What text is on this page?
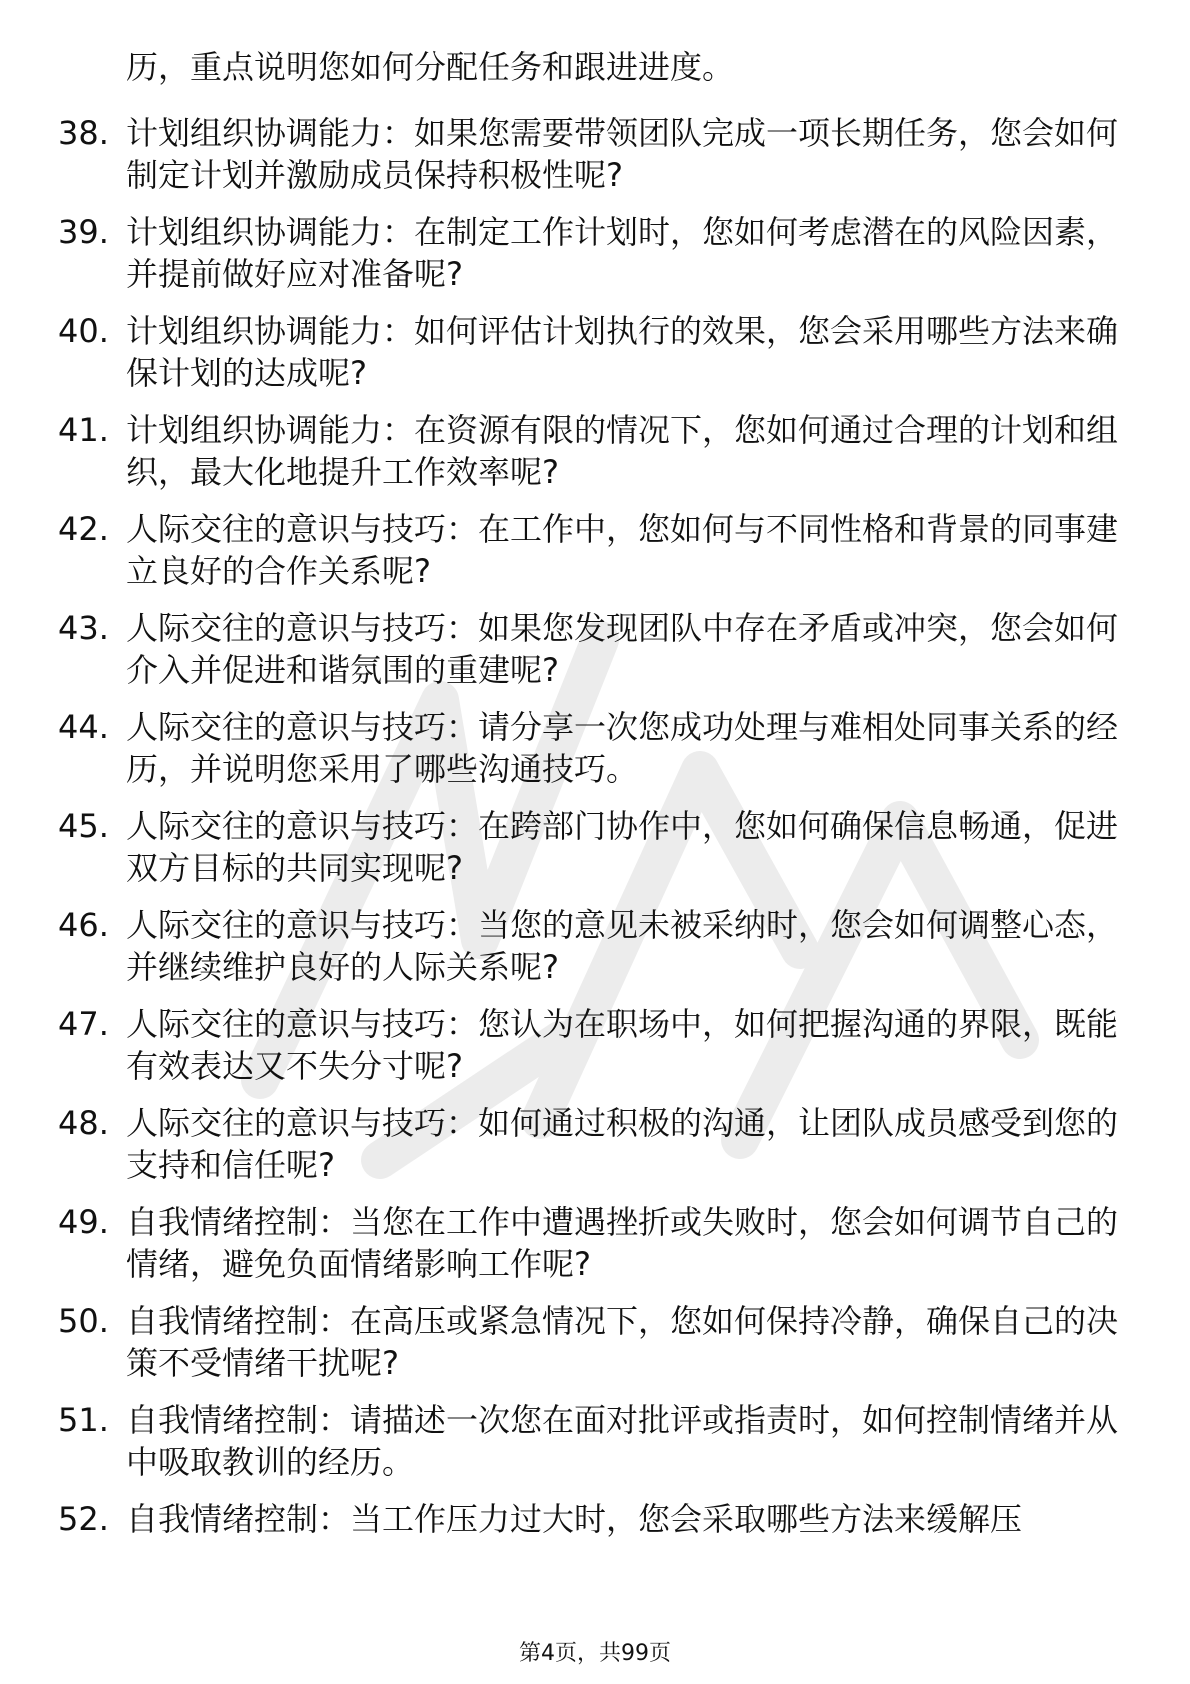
历，重点说明您如何分配任务和跟进进度。
38. 计划组织协调能力：如果您需要带领团队完成一项长期任务，您会如何制定计划并激励成员保持积极性呢?
39. 计划组织协调能力：在制定工作计划时，您如何考虑潜在的风险因素，并提前做好应对准备呢?
40. 计划组织协调能力：如何评估计划执行的效果，您会采用哪些方法来确保计划的达成呢?
41. 计划组织协调能力：在资源有限的情况下，您如何通过合理的计划和组织，最大化地提升工作效率呢?
42. 人际交往的意识与技巧：在工作中，您如何与不同性格和背景的同事建立良好的合作关系呢?
43. 人际交往的意识与技巧：如果您发现团队中存在矛盾或冲突，您会如何介入并促进和谐氛围的重建呢?
44. 人际交往的意识与技巧：请分享一次您成功处理与难相处同事关系的经历，并说明您采用了哪些沟通技巧。
45. 人际交往的意识与技巧：在跨部门协作中，您如何确保信息畅通，促进双方目标的共同实现呢?
46. 人际交往的意识与技巧：当您的意见未被采纳时，您会如何调整心态，并继续维护良好的人际关系呢?
47. 人际交往的意识与技巧：您认为在职场中，如何把握沟通的界限，既能有效表达又不失分寸呢?
48. 人际交往的意识与技巧：如何通过积极的沟通，让团队成员感受到您的支持和信任呢?
49. 自我情绪控制：当您在工作中遭遇挫折或失败时，您会如何调节自己的情绪，避免负面情绪影响工作呢?
50. 自我情绪控制：在高压或紧急情况下，您如何保持冷静，确保自己的决策不受情绪干扰呢?
51. 自我情绪控制：请描述一次您在面对批评或指责时，如何控制情绪并从中吸取教训的经历。
52. 自我情绪控制：当工作压力过大时，您会采取哪些方法来缓解压
第4页，共99页
